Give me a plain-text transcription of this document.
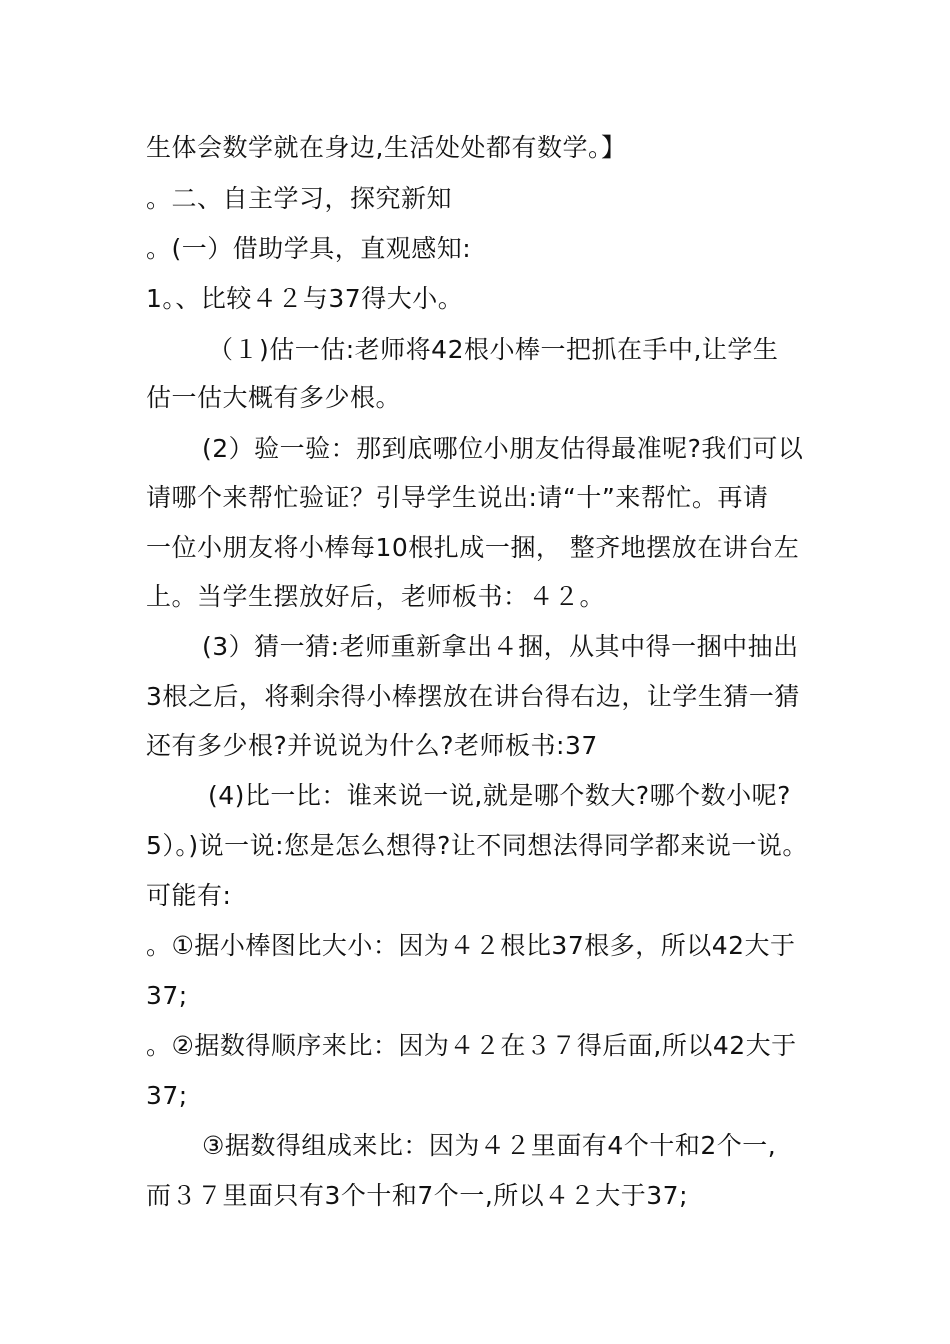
生体会数学就在身边,生活处处都有数学。】
。二、自主学习，探究新知
。(一）借助学具，直观感知:
1。、比较４２与37得大小。
（１)估一估:老师将42根小棒一把抓在手中,让学生
估一估大概有多少根。
(2）验一验：那到底哪位小朋友估得最准呢?我们可以
请哪个来帮忙验证？引导学生说出:请“十”来帮忙。再请
一位小朋友将小棒每10根扎成一捆， 整齐地摆放在讲台左
上。当学生摆放好后，老师板书：４２。
(3）猜一猜:老师重新拿出４捆，从其中得一捆中抽出
3根之后，将剩余得小棒摆放在讲台得右边，让学生猜一猜
还有多少根?并说说为什么?老师板书:37
(4)比一比：谁来说一说,就是哪个数大?哪个数小呢?
5）。)说一说:您是怎么想得?让不同想法得同学都来说一说。
可能有:
。①据小棒图比大小：因为４２根比37根多，所以42大于
37;
。②据数得顺序来比：因为４２在３７得后面,所以42大于
37;
③据数得组成来比：因为４２里面有4个十和2个一,
而３７里面只有3个十和7个一,所以４２大于37;
